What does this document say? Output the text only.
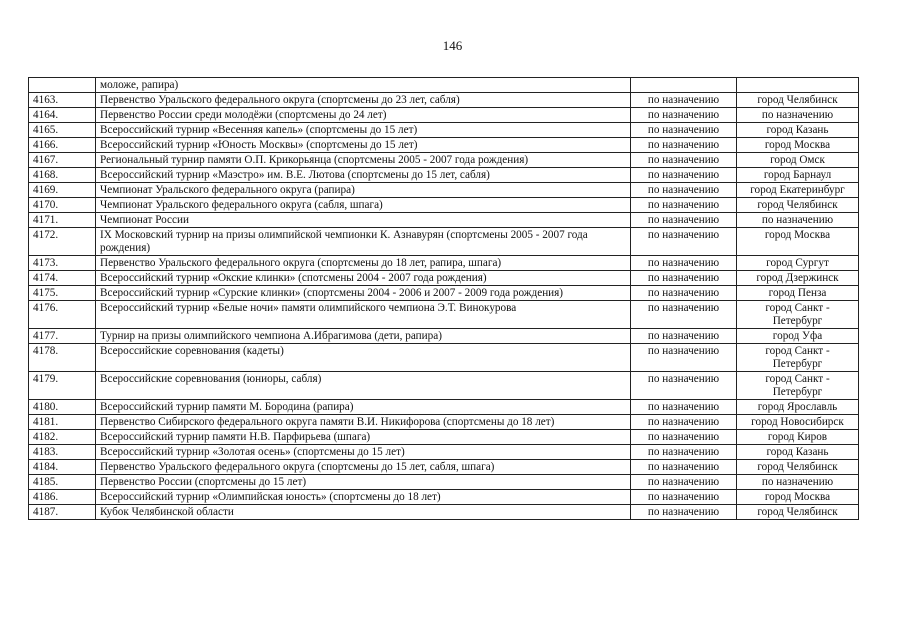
146
	моложе, рапира)		
4163.	Первенство Уральского федерального округа (спортсмены до 23 лет, сабля)	по назначению	город Челябинск
4164.	Первенство России среди молодёжи (спортсмены до 24 лет)	по назначению	по назначению
4165.	Всероссийский турнир «Весенняя капель» (спортсмены до 15 лет)	по назначению	город Казань
4166.	Всероссийский турнир «Юность Москвы» (спортсмены до 15 лет)	по назначению	город Москва
4167.	Региональный турнир памяти О.П. Крикорьянца (спортсмены 2005 - 2007 года рождения)	по назначению	город Омск
4168.	Всероссийский турнир «Маэстро» им. В.Е. Лютова (спортсмены до 15 лет, сабля)	по назначению	город Барнаул
4169.	Чемпионат Уральского федерального округа (рапира)	по назначению	город Екатеринбург
4170.	Чемпионат Уральского федерального округа (сабля, шпага)	по назначению	город Челябинск
4171.	Чемпионат России	по назначению	по назначению
4172.	IX Московский турнир на призы олимпийской чемпионки К. Азнавурян (спортсмены 2005 - 2007 года рождения)	по назначению	город Москва
4173.	Первенство Уральского федерального округа (спортсмены до 18 лет, рапира, шпага)	по назначению	город Сургут
4174.	Всероссийский турнир «Окские клинки» (спотсмены 2004 - 2007 года рождения)	по назначению	город Дзержинск
4175.	Всероссийский турнир «Сурские клинки» (спортсмены 2004 - 2006 и 2007 - 2009 года рождения)	по назначению	город Пенза
4176.	Всероссийский турнир «Белые ночи» памяти олимпийского чемпиона Э.Т. Винокурова	по назначению	город Санкт - Петербург
4177.	Турнир на призы олимпийского чемпиона А.Ибрагимова (дети, рапира)	по назначению	город Уфа
4178.	Всероссийские соревнования (кадеты)	по назначению	город Санкт - Петербург
4179.	Всероссийские соревнования (юниоры, сабля)	по назначению	город Санкт - Петербург
4180.	Всероссийский турнир памяти М. Бородина (рапира)	по назначению	город Ярославль
4181.	Первенство Сибирского федерального округа памяти В.И. Никифорова (спортсмены до 18 лет)	по назначению	город Новосибирск
4182.	Всероссийский турнир памяти Н.В. Парфирьева (шпага)	по назначению	город Киров
4183.	Всероссийский турнир «Золотая осень» (спортсмены до 15 лет)	по назначению	город Казань
4184.	Первенство Уральского федерального округа (спортсмены до 15 лет, сабля, шпага)	по назначению	город Челябинск
4185.	Первенство России (спортсмены до 15 лет)	по назначению	по назначению
4186.	Всероссийский турнир «Олимпийская юность» (спортсмены до 18 лет)	по назначению	город Москва
4187.	Кубок Челябинской области	по назначению	город Челябинск
